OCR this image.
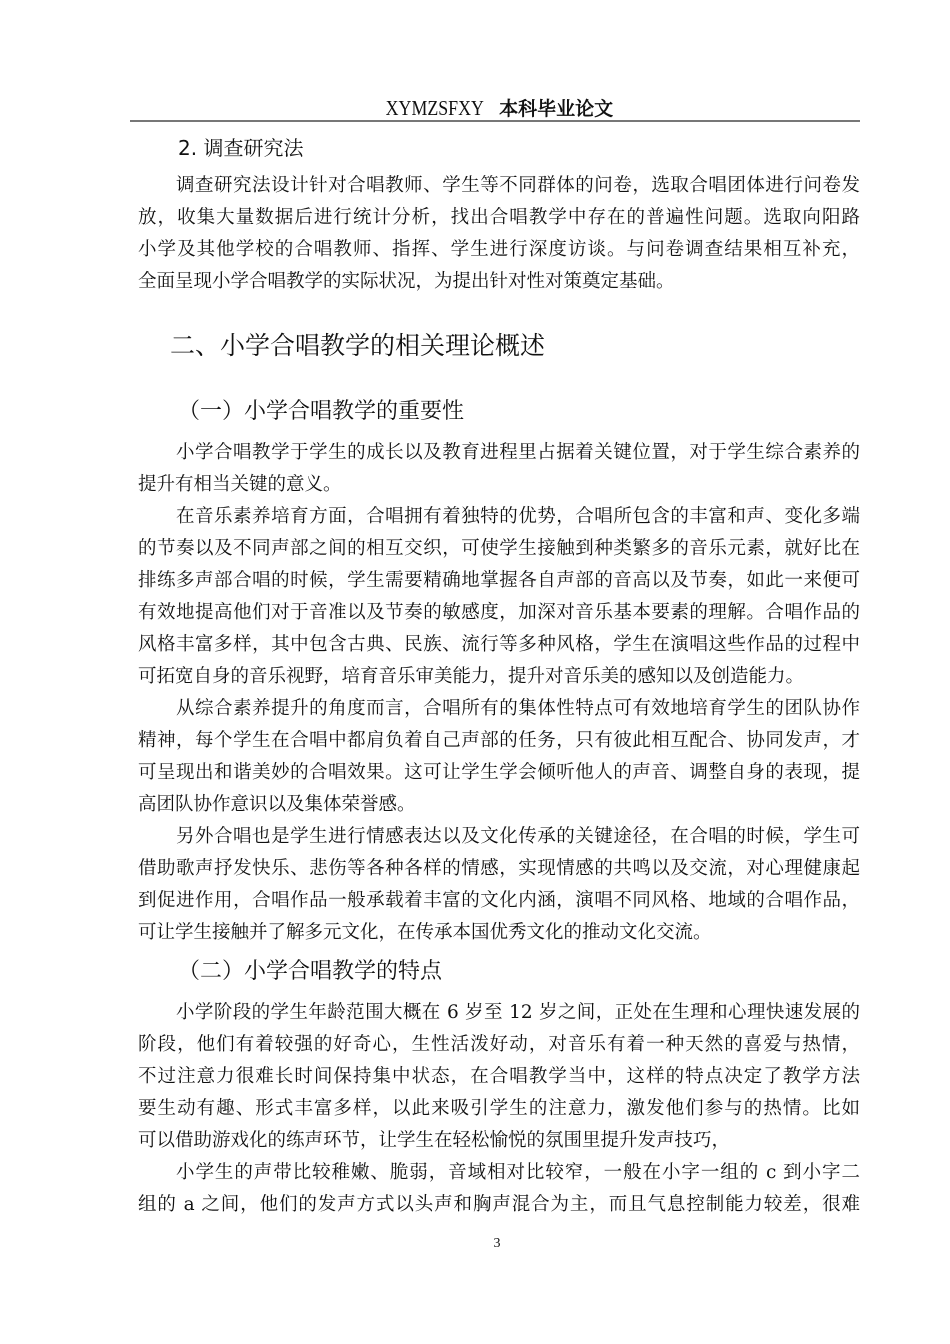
XYMZSFXY 本科毕业论文
2. 调查研究法
调查研究法设计针对合唱教师、学生等不同群体的问卷，选取合唱团体进行问卷发
放，收集大量数据后进行统计分析，找出合唱教学中存在的普遍性问题。选取向阳路
小学及其他学校的合唱教师、指挥、学生进行深度访谈。与问卷调查结果相互补充，
全面呈现小学合唱教学的实际状况，为提出针对性对策奠定基础。
二、小学合唱教学的相关理论概述
（一）小学合唱教学的重要性
小学合唱教学于学生的成长以及教育进程里占据着关键位置，对于学生综合素养的
提升有相当关键的意义。
在音乐素养培育方面，合唱拥有着独特的优势，合唱所包含的丰富和声、变化多端
的节奏以及不同声部之间的相互交织，可使学生接触到种类繁多的音乐元素，就好比在
排练多声部合唱的时候，学生需要精确地掌握各自声部的音高以及节奏，如此一来便可
有效地提高他们对于音准以及节奏的敏感度，加深对音乐基本要素的理解。合唱作品的
风格丰富多样，其中包含古典、民族、流行等多种风格，学生在演唱这些作品的过程中
可拓宽自身的音乐视野，培育音乐审美能力，提升对音乐美的感知以及创造能力。
从综合素养提升的角度而言，合唱所有的集体性特点可有效地培育学生的团队协作
精神，每个学生在合唱中都肩负着自己声部的任务，只有彼此相互配合、协同发声，才
可呈现出和谐美妙的合唱效果。这可让学生学会倾听他人的声音、调整自身的表现，提
高团队协作意识以及集体荣誉感。
另外合唱也是学生进行情感表达以及文化传承的关键途径，在合唱的时候，学生可
借助歌声抒发快乐、悲伤等各种各样的情感，实现情感的共鸣以及交流，对心理健康起
到促进作用，合唱作品一般承载着丰富的文化内涵，演唱不同风格、地域的合唱作品，
可让学生接触并了解多元文化，在传承本国优秀文化的推动文化交流。
（二）小学合唱教学的特点
小学阶段的学生年龄范围大概在 6 岁至 12 岁之间，正处在生理和心理快速发展的
阶段，他们有着较强的好奇心，生性活泼好动，对音乐有着一种天然的喜爱与热情，
不过注意力很难长时间保持集中状态，在合唱教学当中，这样的特点决定了教学方法
要生动有趣、形式丰富多样，以此来吸引学生的注意力，激发他们参与的热情。比如
可以借助游戏化的练声环节，让学生在轻松愉悦的氛围里提升发声技巧，
小学生的声带比较稚嫩、脆弱，音域相对比较窄，一般在小字一组的 c 到小字二
组的 a 之间，他们的发声方式以头声和胸声混合为主，而且气息控制能力较差，很难
3
